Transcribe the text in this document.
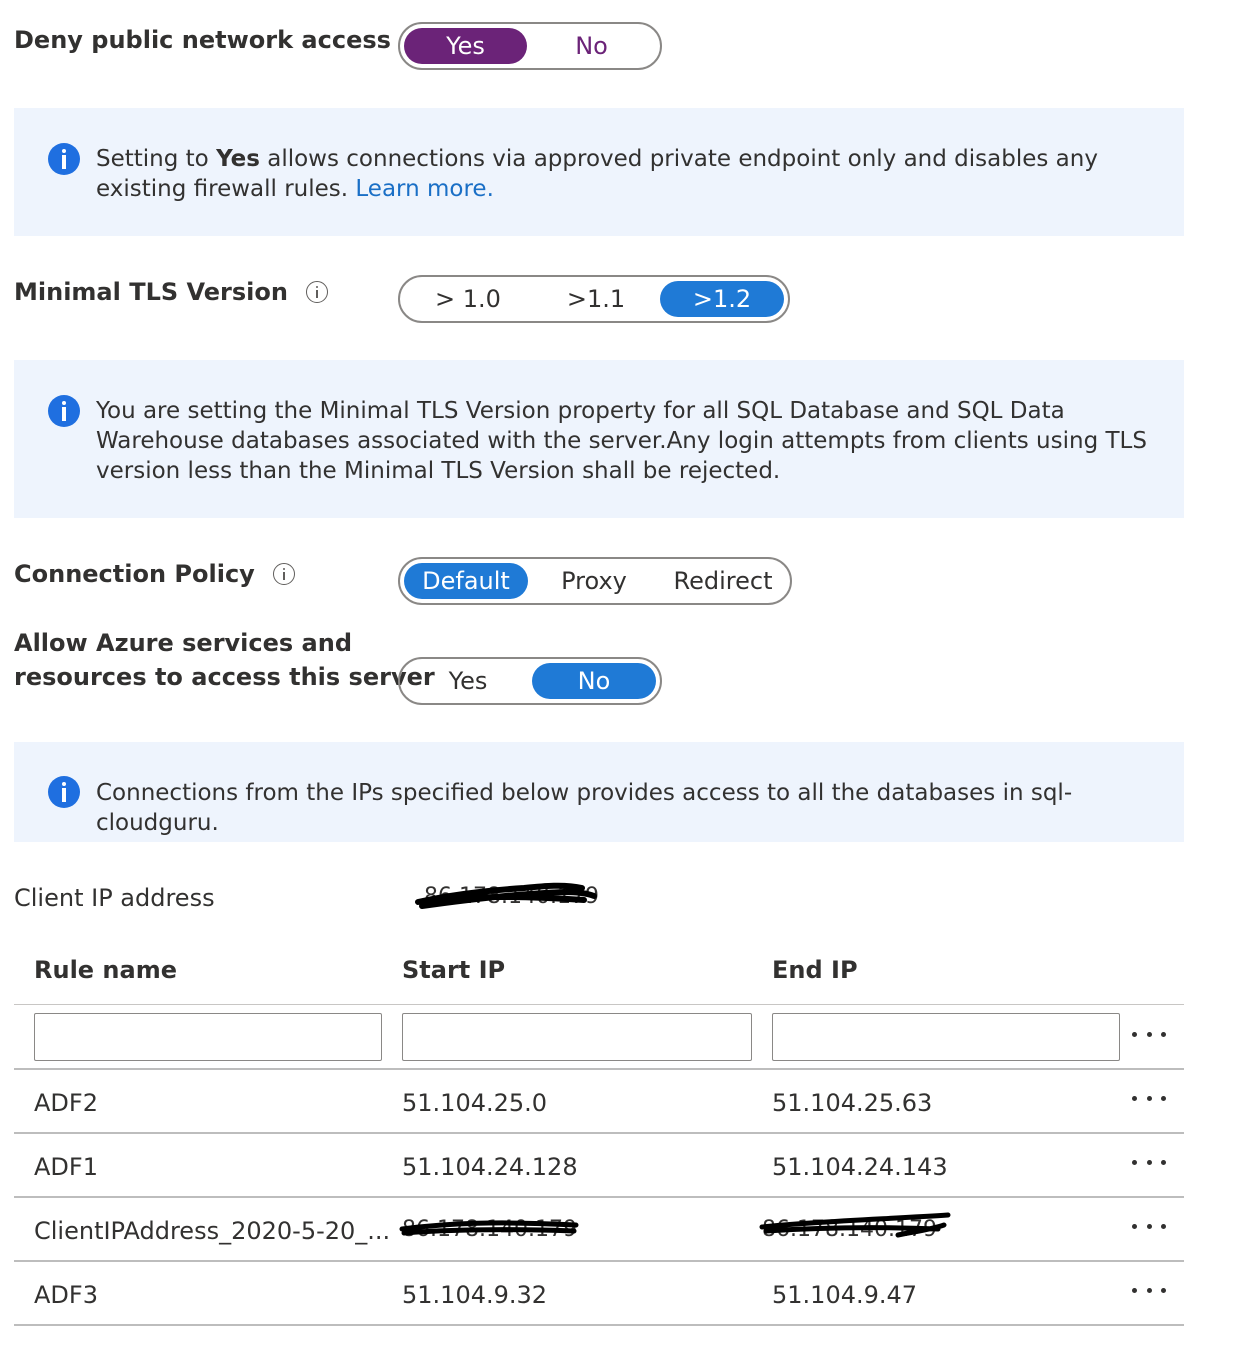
Deny public network access	Yes	No
Setting to Yes allows connections via approved private endpoint only and disables any existing firewall rules. Learn more.
Minimal TLS Version	> 1.0	>1.1	>1.2
You are setting the Minimal TLS Version property for all SQL Database and SQL Data Warehouse databases associated with the server.Any login attempts from clients using TLS version less than the Minimal TLS Version shall be rejected.
Connection Policy	Default	Proxy	Redirect
Allow Azure services and
resources to access this server Yes	No
Connections from the IPs specified below provides access to all the databases in sql-cloudguru.
Client IP address	86.178.140.179
Rule name	Start IP	End IP
ADF2	51.104.25.0	51.104.25.63
ADF1	51.104.24.128	51.104.24.143
ClientIPAddress_2020-5-20_... 86.178.140.179	86.178.140.179
ADF3	51.104.9.32	51.104.9.47
